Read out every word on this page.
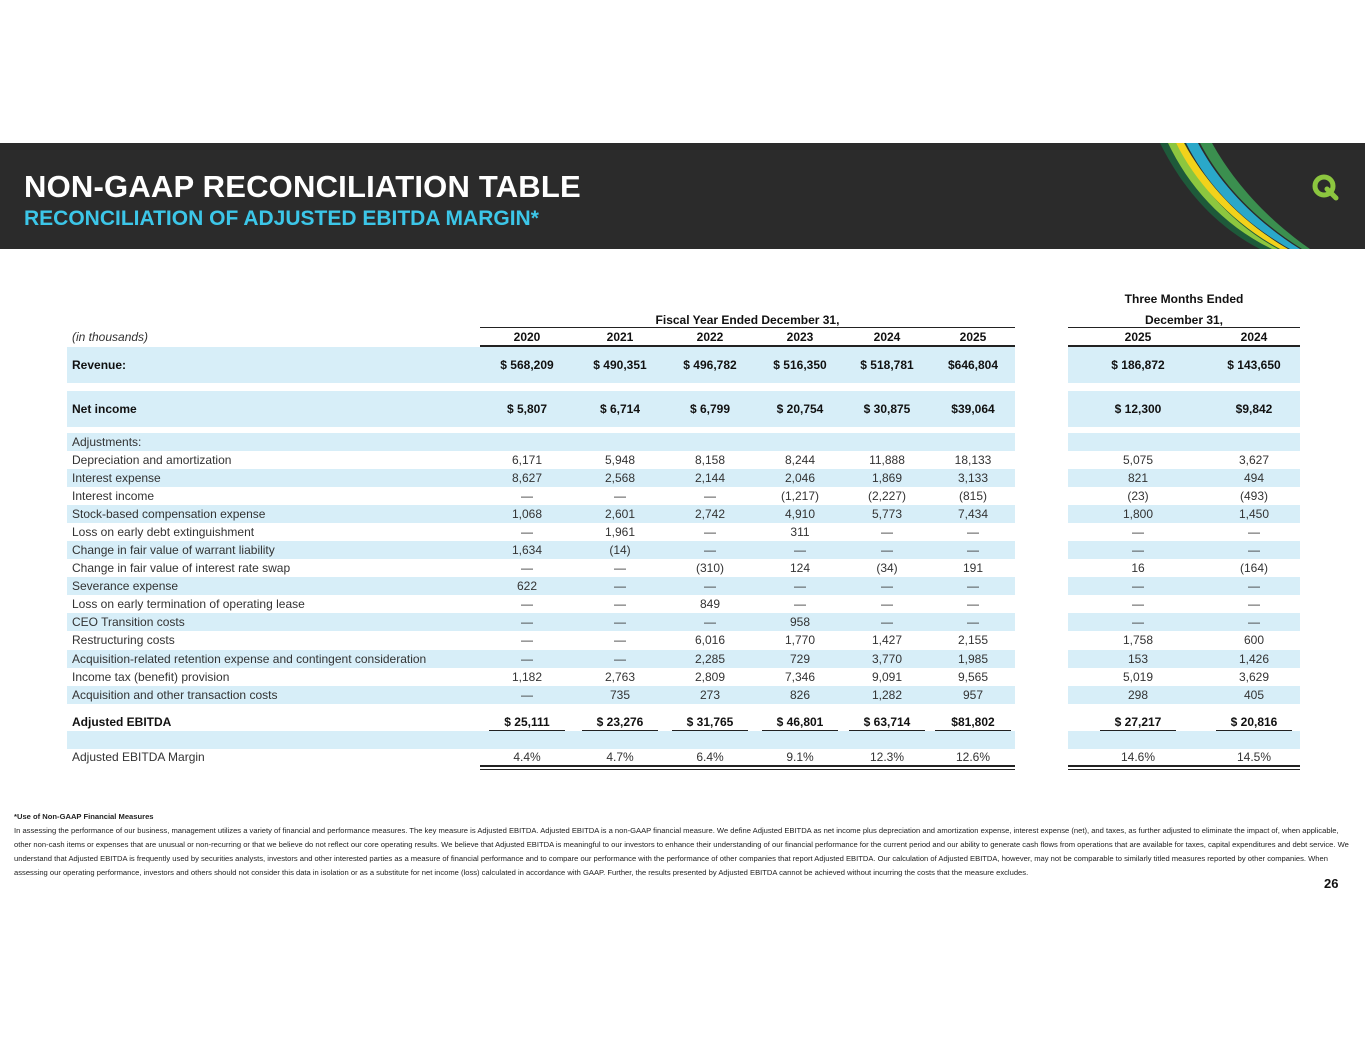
NON-GAAP RECONCILIATION TABLE
RECONCILIATION OF ADJUSTED EBITDA MARGIN*
(in thousands)
Fiscal Year Ended December 31,
Three Months Ended
December 31,
2020	2021	2022	2023	2024	2025	2025	2024
Revenue:	$ 568,209	$ 490,351	$ 496,782	$ 516,350	$ 518,781	$646,804	$ 186,872	$ 143,650
Net income	$ 5,807	$ 6,714	$ 6,799	$ 20,754	$ 30,875	$39,064	$ 12,300	$9,842
Adjustments:
Depreciation and amortization	6,171	5,948	8,158	8,244	11,888	18,133	5,075	3,627
Interest expense	8,627	2,568	2,144	2,046	1,869	3,133	821	494
Interest income	—	—	—	(1,217)	(2,227)	(815)	(23)	(493)
Stock-based compensation expense	1,068	2,601	2,742	4,910	5,773	7,434	1,800	1,450
Loss on early debt extinguishment	—	1,961	—	311	—	—	—	—
Change in fair value of warrant liability	1,634	(14)	—	—	—	—	—	—
Change in fair value of interest rate swap	—	—	(310)	124	(34)	191	16	(164)
Severance expense	622	—	—	—	—	—	—	—
Loss on early termination of operating lease	—	—	849	—	—	—	—	—
CEO Transition costs	—	—	—	958	—	—	—	—
Restructuring costs	—	—	6,016	1,770	1,427	2,155	1,758	600
Acquisition-related retention expense and contingent consideration	—	—	2,285	729	3,770	1,985	153	1,426
Income tax (benefit) provision	1,182	2,763	2,809	7,346	9,091	9,565	5,019	3,629
Acquisition and other transaction costs	—	735	273	826	1,282	957	298	405
Adjusted EBITDA	$ 25,111	$ 23,276	$ 31,765	$ 46,801	$ 63,714	$81,802	$ 27,217	$ 20,816
Adjusted EBITDA Margin	4.4%	4.7%	6.4%	9.1%	12.3%	12.6%	14.6%	14.5%
*Use of Non-GAAP Financial Measures
In assessing the performance of our business, management utilizes a variety of financial and performance measures. The key measure is Adjusted EBITDA. Adjusted EBITDA is a non-GAAP financial measure. We define Adjusted EBITDA as net income plus depreciation and amortization expense, interest expense (net), and taxes, as further adjusted to eliminate the impact of, when applicable, other non-cash items or expenses that are unusual or non-recurring or that we believe do not reflect our core operating results. We believe that Adjusted EBITDA is meaningful to our investors to enhance their understanding of our financial performance for the current period and our ability to generate cash flows from operations that are available for taxes, capital expenditures and debt service. We understand that Adjusted EBITDA is frequently used by securities analysts, investors and other interested parties as a measure of financial performance and to compare our performance with the performance of other companies that report Adjusted EBITDA. Our calculation of Adjusted EBITDA, however, may not be comparable to similarly titled measures reported by other companies. When assessing our operating performance, investors and others should not consider this data in isolation or as a substitute for net income (loss) calculated in accordance with GAAP. Further, the results presented by Adjusted EBITDA cannot be achieved without incurring the costs that the measure excludes.
26
